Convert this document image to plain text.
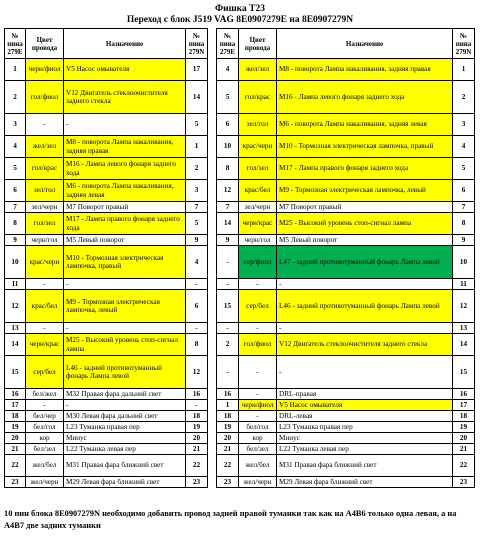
Фишка T23
Переход с блок J519 VAG 8E0907279E на 8E0907279N
№ пина 279E	Цвет провода	Назначение	№ пина 279N		№ пина 279E	Цвет провода	Назначение	№ пина 279N
1	черн/фиол	V5 Насос омывателя	17		4	жел/зел	M8 - поворота Лампа накаливания, задняя правая	1
2	гол/фиол	V12 Двигатель стеклоочистителя заднего стекла	14		5	гол/крас	M16 - Лампа левого фонаря заднего хода	2
3	-	-	5		6	зел/гол	M6 - поворота Лампа накаливания, задняя левая	3
4	жел/зел	M8 - поворота Лампа накаливания, задняя правая	1		10	крас/черн	M10 - Тормозная электрическая лампочка, правый	4
5	гол/крас	M16 - Лампа левого фонаря заднего хода	2		8	гол/зел	M17 - Лампа правого фонаря заднего хода	5
6	зел/гол	M6 - поворота Лампа накаливания, задняя левая	3		12	крас/бел	M9 - Тормозная электрическая лампочка, левый	6
7	зел/черн	M7 Поворот правый	7		7	зел/черн	M7 Поворот правый	7
8	гол/зел	M17 - Лампа правого фонаря заднего хода	5		14	черн/крас	M25 - Высокий уровень стоп-сигнал лампа	8
9	черн/гол	M5 Левый поворот	9		9	черн/гол	M5 Левый поворот	9
10	крас/черн	M10 - Тормозная электрическая лампочка, правый	4		-	сер/фиол	L47 - задний противотуманный фонарь Лампа левой	10
11	-	-	-		-	-	-	11
12	крас/бел	M9 - Тормозная электрическая лампочка, левый	6		15	сер/бел	L46 - задний противотуманный фонарь Лампа левой	12
13	-	-	-		-	-	-	13
14	черн/крас	M25 - Высокий уровень стоп-сигнал лампа	8		2	гол/фиол	V12 Двигатель стеклоочистителя заднего стекла	14
15	сер/бел	L46 - задний противотуманный фонарь Лампа левой	12		-	-	-	15
16	бел/жел	M32 Правая фара дальний свет	16		16	-	DRL-правая	16
17	-	-	-		1	черн/фиол	V5 Насос омывателя	17
18	бел/чер	M30 Левая фара дальний свет	18		18	-	DRL-левая	18
19	бел/гол	L23 Туманка правая пер	19		19	бел/гол	L23 Туманка правая пер	19
20	кор	Минус	20		20	кор	Минус	20
21	бел/зел	L22 Туманка левая пер	21		21	бел/зел	L22 Туманка левая пер	21
22	жел/бел	M31 Правая фара ближний свет	22		22	жел/бел	M31 Правая фара ближний свет	22
23	жел/черн	M29 Левая фара ближний свет	23		23	жел/черн	M29 Левая фара ближний свет	23
10 пин блока 8E0907279N необходимо добавить провод задней правой туманки так как на A4B6 только одна левая, а на A4B7 две задних туманки
